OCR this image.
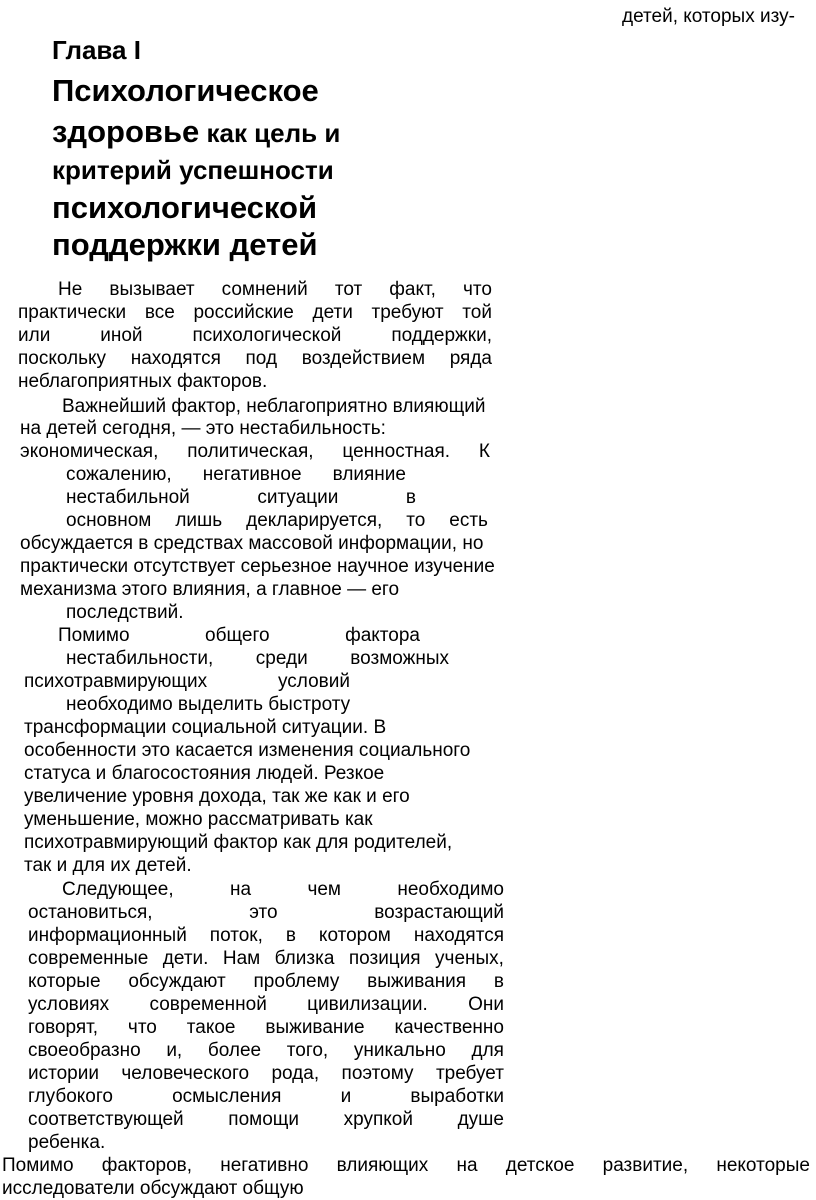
детей, которых изу-
Глава I
Психологическое
здоровье как цель и
критерий успешности
психологической
поддержки детей
Не вызывает сомнений тот факт, что
практически все российские дети требуют той
или	иной	психологической	поддержки,
поскольку находятся под воздействием ряда
неблагоприятных факторов.
Важнейший фактор, неблагоприятно влияющий
на детей сегодня, — это нестабильность:
экономическая, политическая, ценностная. К
сожалению, негативное влияние
нестабильной	ситуации	в
основном лишь декларируется, то есть
обсуждается в средствах массовой информации, но
практически отсутствует серьезное научное изучение
механизма этого влияния, а главное — его
последствий.
Помимо	общего	фактора
нестабильности, среди возможных
психотравмирующих	условий
необходимо выделить быстроту
трансформации социальной ситуации. В
особенности это касается изменения социального
статуса и благосостояния людей. Резкое
увеличение уровня дохода, так же как и его
уменьшение, можно рассматривать как
психотравмирующий фактор как для родителей,
так и для их детей.
Следующее,	на	чем	необходимо
остановиться,	это	возрастающий
информационный поток, в котором находятся
современные дети. Нам близка позиция ученых,
которые обсуждают проблему выживания в
условиях современной цивилизации. Они
говорят, что такое выживание качественно
своеобразно и, более того, уникально для
истории человеческого рода, поэтому требует
глубокого	осмысления	и	выработки
соответствующей помощи хрупкой душе
ребенка.
Помимо факторов, негативно влияющих на детское развитие, некоторые
исследователи обсуждают общую
